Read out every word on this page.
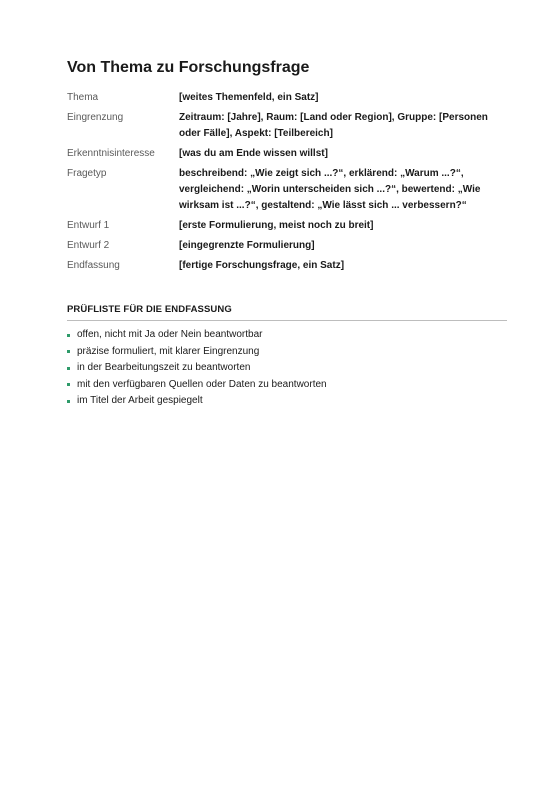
Von Thema zu Forschungsfrage
Thema	[weites Themenfeld, ein Satz]
Eingrenzung	Zeitraum: [Jahre], Raum: [Land oder Region], Gruppe: [Personen oder Fälle], Aspekt: [Teilbereich]
Erkenntnisinteresse	[was du am Ende wissen willst]
Fragetyp	beschreibend: „Wie zeigt sich ...?“, erklärend: „Warum ...?“, vergleichend: „Worin unterscheiden sich ...?“, bewertend: „Wie wirksam ist ...?“, gestaltend: „Wie lässt sich ... verbessern?“
Entwurf 1	[erste Formulierung, meist noch zu breit]
Entwurf 2	[eingegrenzte Formulierung]
Endfassung	[fertige Forschungsfrage, ein Satz]
PRÜFLISTE FÜR DIE ENDFASSUNG
offen, nicht mit Ja oder Nein beantwortbar
präzise formuliert, mit klarer Eingrenzung
in der Bearbeitungszeit zu beantworten
mit den verfügbaren Quellen oder Daten zu beantworten
im Titel der Arbeit gespiegelt
